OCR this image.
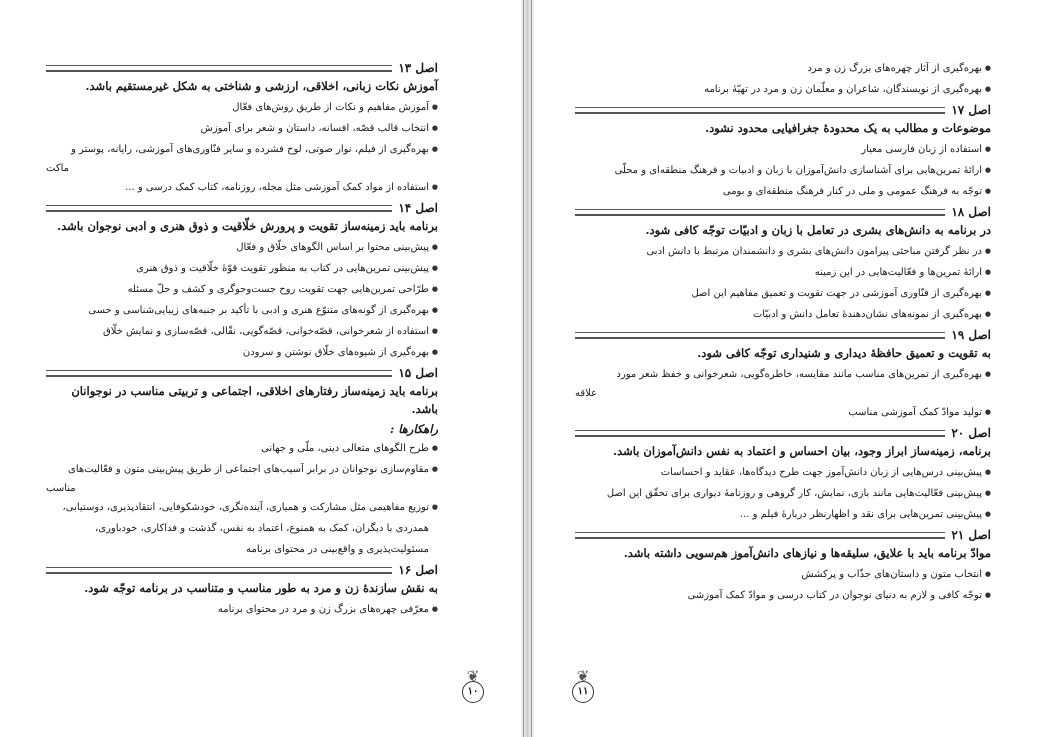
اصل ۱۳
آموزش نکات زبانی، اخلاقی، ارزشی و شناختی به شکل غیرمستقیم باشد.
● آموزش مفاهیم و نکات از طریق روش‌های فعّال
● انتخاب قالب قصّه، افسانه، داستان و شعر برای آموزش
● بهره‌گیری از فیلم، نوار صوتی، لوح فشرده و سایر فنّاوری‌های آموزشی، رایانه، پوستر و
ماکت
● استفاده از مواد کمک آموزشی مثل مجله، روزنامه، کتاب کمک درسی و ...
اصل ۱۴
برنامه باید زمینه‌ساز تقویت و پرورش خلّاقیت و ذوق هنری و ادبی نوجوان باشد.
● پیش‌بینی محتوا بر اساس الگوهای خلّاق و فعّال
● پیش‌بینی تمرین‌هایی در کتاب به منظور تقویت قوّهٔ خلّاقیت و ذوق هنری
● طرّاحی تمرین‌هایی جهت تقویت روح جست‌وجوگری و کشف و حلّ مسئله
● بهره‌گیری از گونه‌های متنوّع هنری و ادبی با تأکید بر جنبه‌های زیبایی‌شناسی و حسی
● استفاده از شعرخوانی، قصّه‌خوانی، قصّه‌گویی، نقّالی، قصّه‌سازی و نمایش خلّاق
● بهره‌گیری از شیوه‌های خلّاق نوشتن و سرودن
اصل ۱۵
برنامه باید زمینه‌ساز رفتارهای اخلاقی، اجتماعی و تربیتی مناسب در نوجوانان باشد.
راهکارها :
● طرح الگوهای متعالی دینی، ملّی و جهانی
● مقاوم‌سازی نوجوانان در برابر آسیب‌های اجتماعی از طریق پیش‌بینی متون و فعّالیت‌های
مناسب
● توزیع مفاهیمی مثل مشارکت و همیاری، آینده‌نگری، خودشکوفایی، انتقادپذیری، دوستیابی، همدردی با دیگران، کمک به همنوع، اعتماد به نفس، گذشت و فداکاری، خودباوری، مسئولیت‌پذیری و واقع‌بینی در محتوای برنامه
اصل ۱۶
به نقش سازندهٔ زن و مرد به طور مناسب و متناسب در برنامه توجّه شود.
● معرّفی چهره‌های بزرگ زن و مرد در محتوای برنامه
❦
۱۰
● بهره‌گیری از آثار چهره‌های بزرگ زن و مرد
● بهره‌گیری از نویسندگان، شاعران و معلّمان زن و مرد در تهیّهٔ برنامه
اصل ۱۷
موضوعات و مطالب به یک محدودهٔ جغرافیایی محدود نشود.
● استفاده از زبان فارسی معیار
● ارائهٔ تمرین‌هایی برای آشناسازی دانش‌آموزان با زبان و ادبیات و فرهنگ منطقه‌ای و محلّی
● توجّه به فرهنگ عمومی و ملی در کنار فرهنگ منطقه‌ای و بومی
اصل ۱۸
در برنامه به دانش‌های بشری در تعامل با زبان و ادبیّات توجّه کافی شود.
● در نظر گرفتن مباحثی پیرامون دانش‌های بشری و دانشمندان مرتبط با دانش ادبی
● ارائهٔ تمرین‌ها و فعّالیت‌هایی در این زمینه
● بهره‌گیری از فنّاوری آموزشی در جهت تقویت و تعمیق مفاهیم این اصل
● بهره‌گیری از نمونه‌های نشان‌دهندهٔ تعامل دانش و ادبیّات
اصل ۱۹
به تقویت و تعمیق حافظهٔ دیداری و شنیداری توجّه کافی شود.
● بهره‌گیری از تمرین‌های مناسب مانند مقایسه، خاطره‌گویی، شعرخوانی و حفظ شعر مورد
علاقه
● تولید موادّ کمک آموزشی مناسب
اصل ۲۰
برنامه، زمینه‌ساز ابراز وجود، بیان احساس و اعتماد به نفس دانش‌آموزان باشد.
● پیش‌بینی درس‌هایی از زبان دانش‌آموز جهت طرح دیدگاه‌ها، عقاید و احساسات
● پیش‌بینی فعّالیت‌هایی مانند بازی، نمایش، کار گروهی و روزنامهٔ دیواری برای تحقّق این اصل
● پیش‌بینی تمرین‌هایی برای نقد و اظهارنظر دربارهٔ فیلم و ...
اصل ۲۱
موادّ برنامه باید با علایق، سلیقه‌ها و نیازهای دانش‌آموز هم‌سویی داشته باشد.
● انتخاب متون و داستان‌های جذّاب و پرکشش
● توجّه کافی و لازم به دنیای نوجوان در کتاب درسی و موادّ کمک آموزشی
❦
۱۱
